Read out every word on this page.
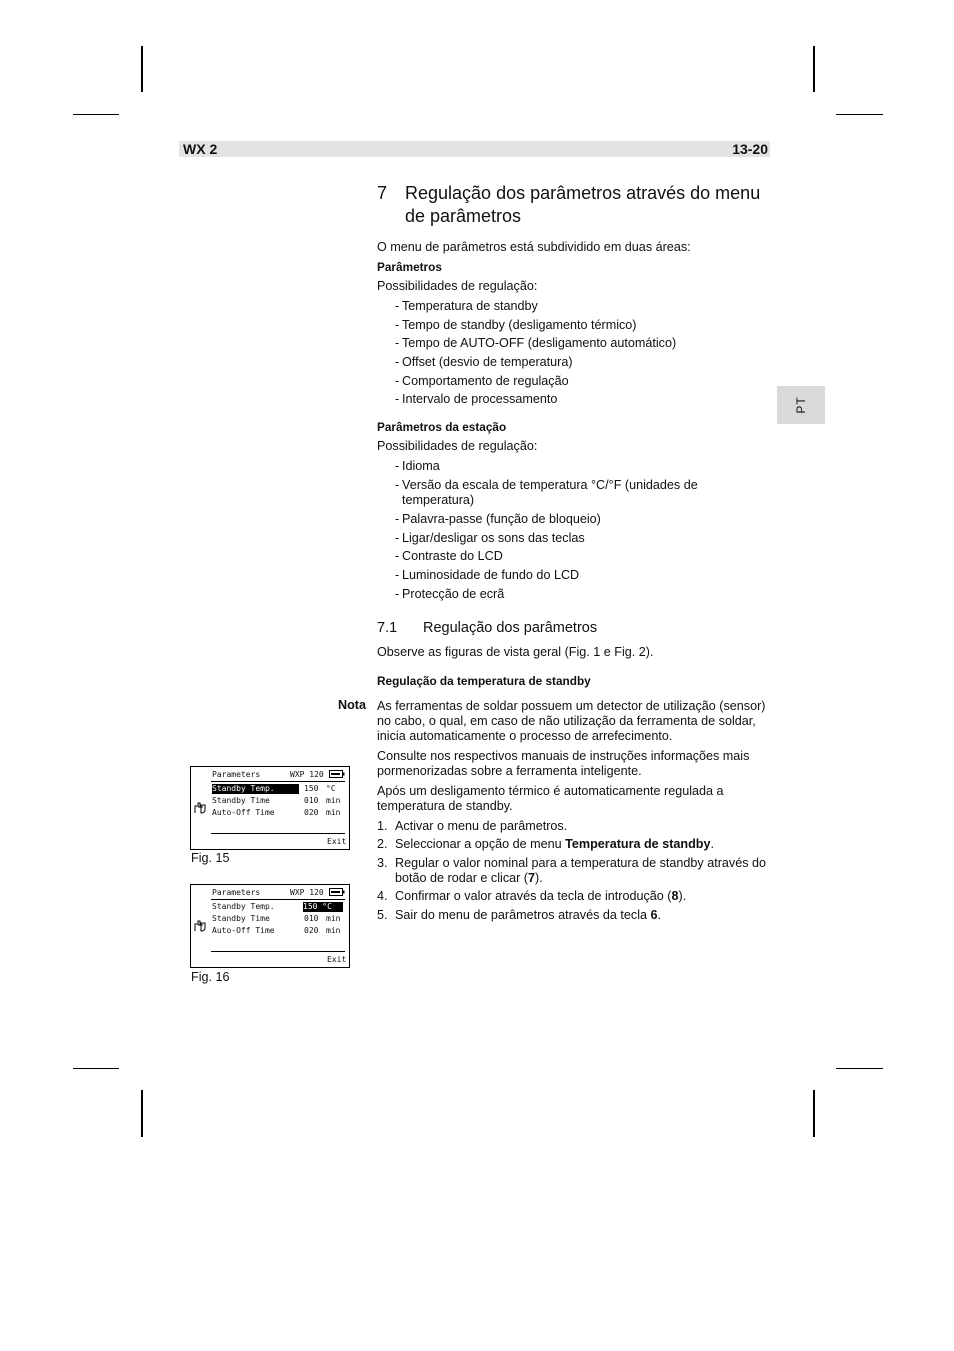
WX 2	13-20
PT
Nota
7 Regulação dos parâmetros através do menu de parâmetros

O menu de parâmetros está subdividido em duas áreas:

Parâmetros

Possibilidades de regulação:

- Temperatura de standby
- Tempo de standby (desligamento térmico)
- Tempo de AUTO-OFF (desligamento automático)
- Offset (desvio de temperatura)
- Comportamento de regulação
- Intervalo de processamento
Parâmetros da estação

Possibilidades de regulação:

- Idioma
- Versão da escala de temperatura °C/°F (unidades de temperatura)
- Palavra-passe (função de bloqueio)
- Ligar/desligar os sons das teclas
- Contraste do LCD
- Luminosidade de fundo do LCD
- Protecção de ecrã
7.1	Regulação dos parâmetros

Observe as figuras de vista geral (Fig. 1 e Fig. 2).

Regulação da temperatura de standby

As ferramentas de soldar possuem um detector de utilização (sensor) no cabo, o qual, em caso de não utilização da ferramenta de soldar, inicia automaticamente o processo de arrefecimento.

Consulte nos respectivos manuais de instruções informações mais pormenorizadas sobre a ferramenta inteligente.

Após um desligamento térmico é automaticamente regulada a temperatura de standby.

1. Activar o menu de parâmetros.
2. Seleccionar a opção de menu Temperatura de standby.
3. Regular o valor nominal para a temperatura de standby através do botão de rodar e clicar (7).
4. Confirmar o valor através da tecla de introdução (8).
5. Sair do menu de parâmetros através da tecla 6.
Parameters	WXP 120
Standby Temp.	150 °C
Standby Time	010 min
Auto-Off Time	020 min
Exit
Fig. 15
Parameters	WXP 120
Standby Temp.	150 °C
Standby Time	010 min
Auto-Off Time	020 min
Exit
Fig. 16
